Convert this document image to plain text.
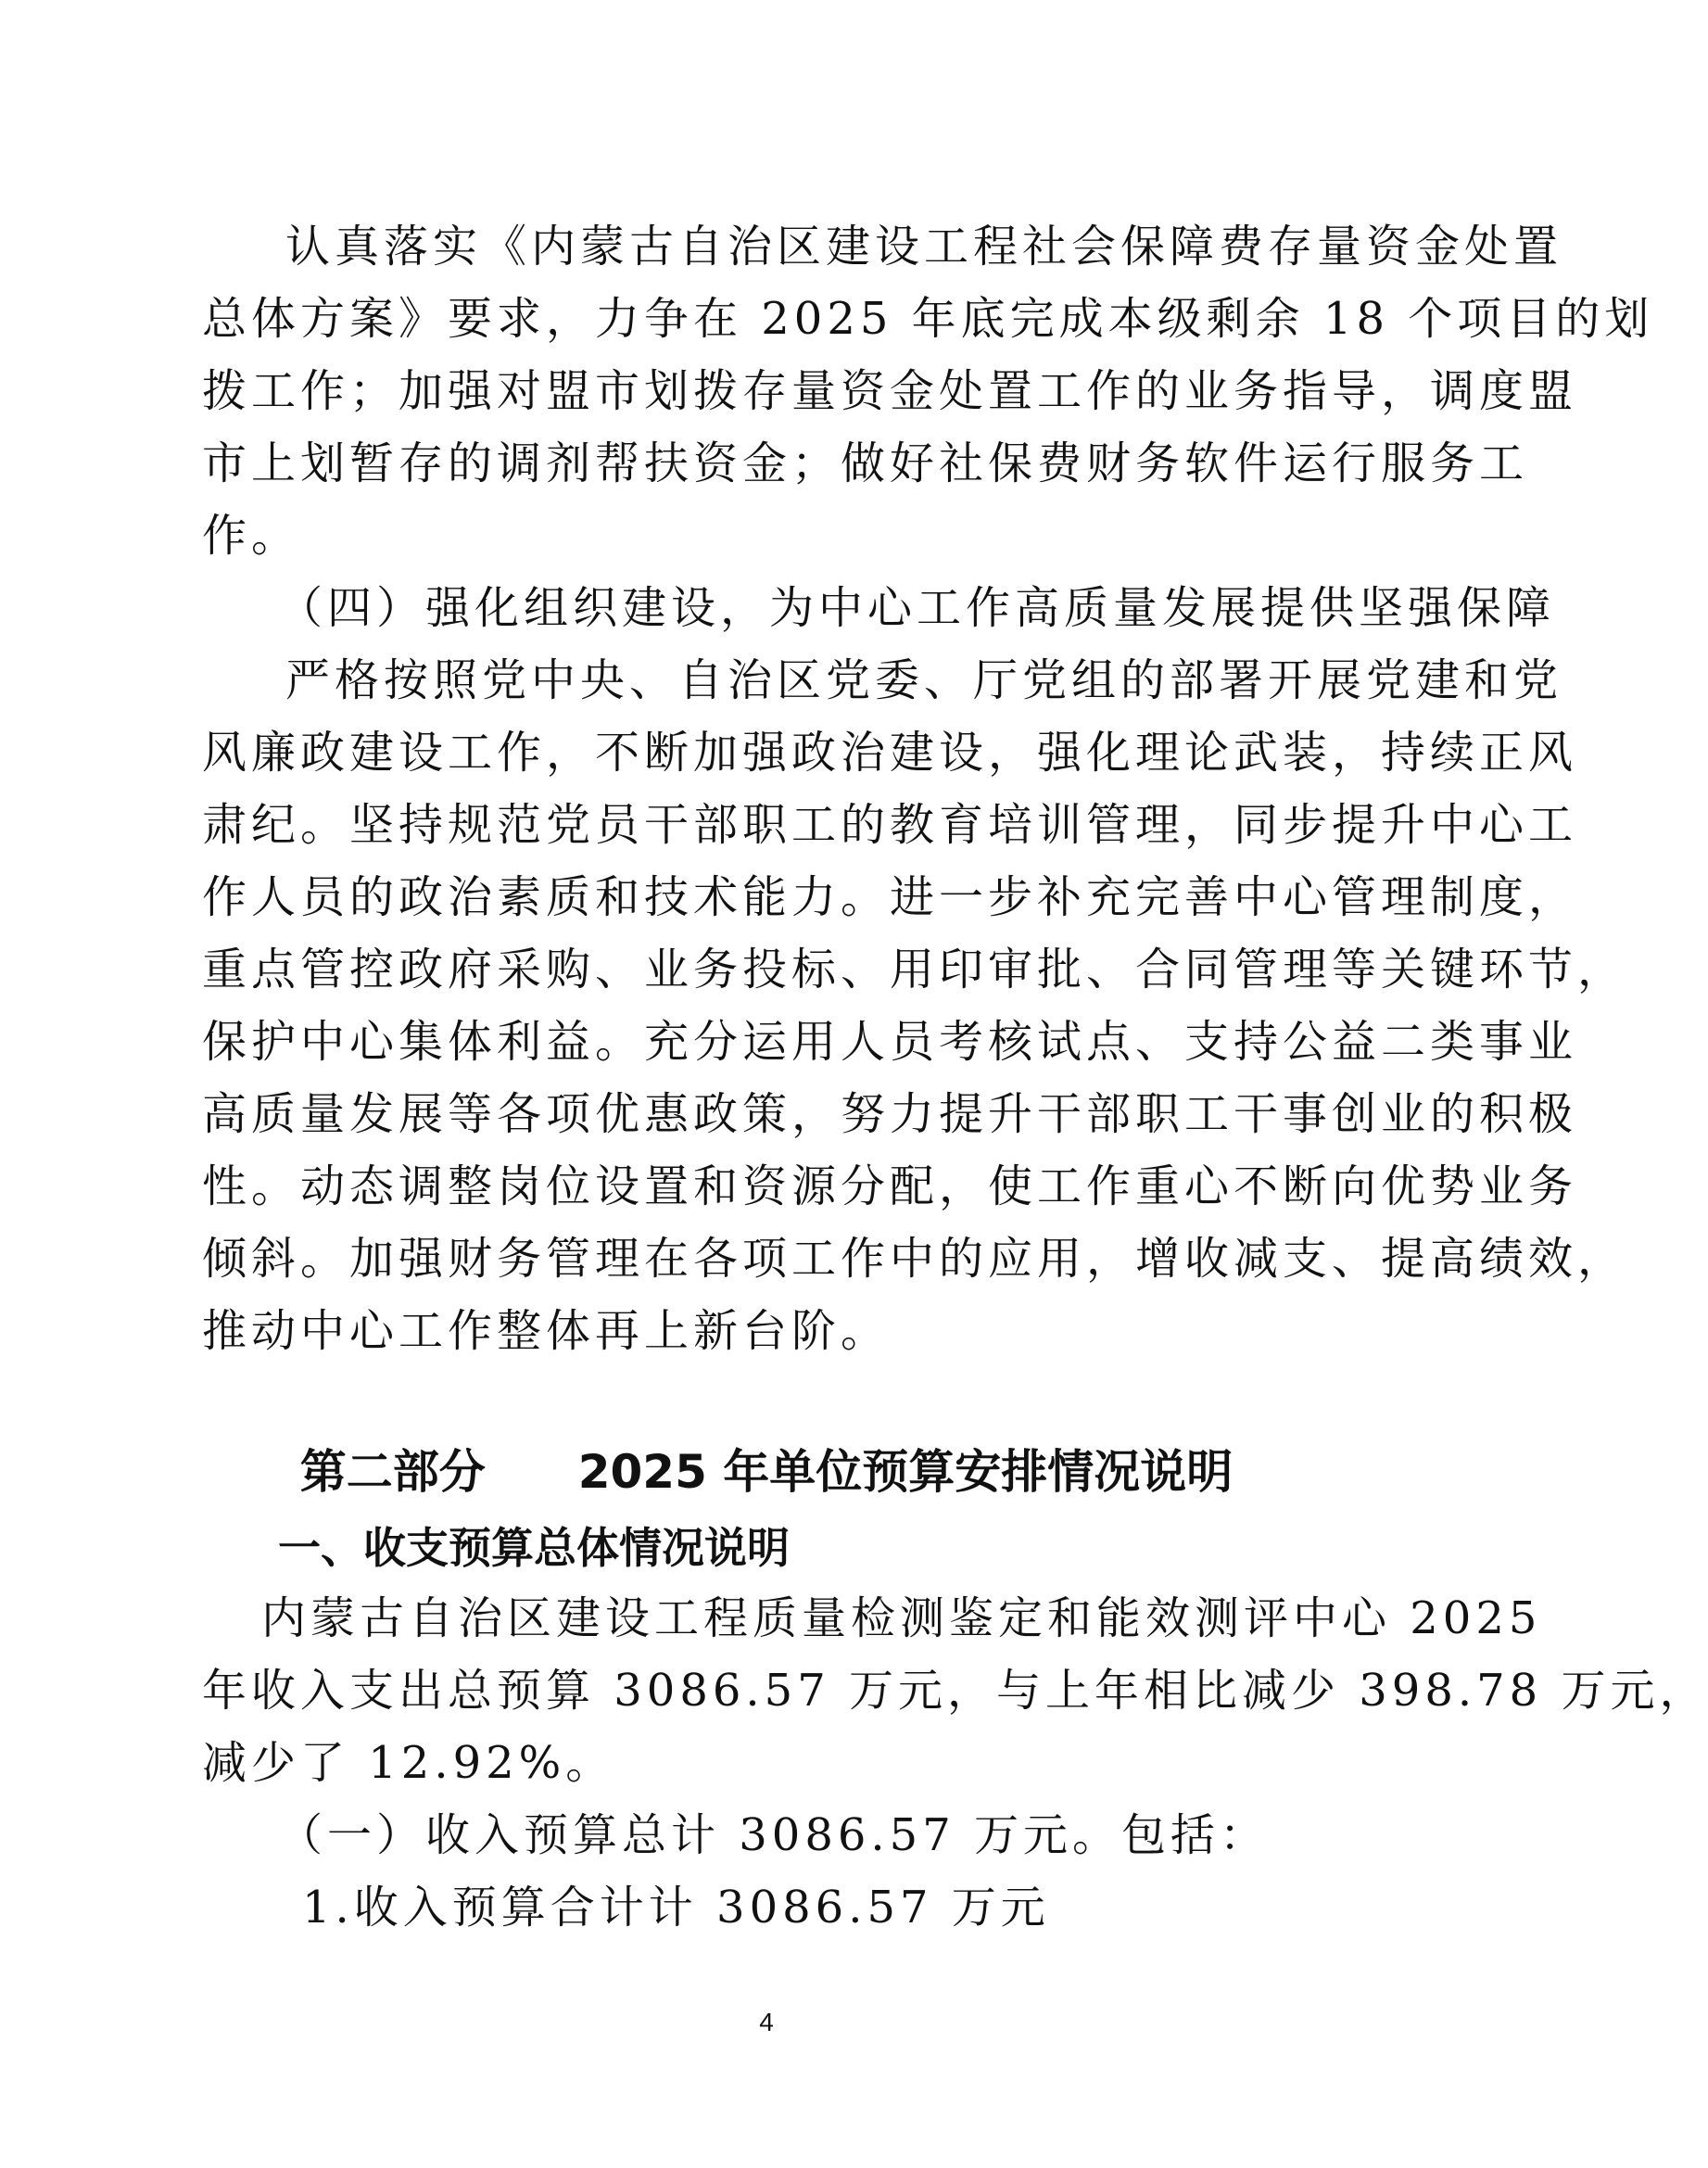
认真落实《内蒙古自治区建设工程社会保障费存量资金处置
总体方案》要求，力争在 2025 年底完成本级剩余 18 个项目的划
拨工作；加强对盟市划拨存量资金处置工作的业务指导，调度盟
市上划暂存的调剂帮扶资金；做好社保费财务软件运行服务工
作。
（四）强化组织建设，为中心工作高质量发展提供坚强保障
严格按照党中央、自治区党委、厅党组的部署开展党建和党
风廉政建设工作，不断加强政治建设，强化理论武装，持续正风
肃纪。坚持规范党员干部职工的教育培训管理，同步提升中心工
作人员的政治素质和技术能力。进一步补充完善中心管理制度，
重点管控政府采购、业务投标、用印审批、合同管理等关键环节，
保护中心集体利益。充分运用人员考核试点、支持公益二类事业
高质量发展等各项优惠政策，努力提升干部职工干事创业的积极
性。动态调整岗位设置和资源分配，使工作重心不断向优势业务
倾斜。加强财务管理在各项工作中的应用，增收减支、提高绩效，
推动中心工作整体再上新台阶。
第二部分　　2025 年单位预算安排情况说明
一、收支预算总体情况说明
内蒙古自治区建设工程质量检测鉴定和能效测评中心 2025
年收入支出总预算 3086.57 万元，与上年相比减少 398.78 万元，
减少了 12.92%。
（一）收入预算总计 3086.57 万元。包括：
1.收入预算合计计 3086.57 万元
4
